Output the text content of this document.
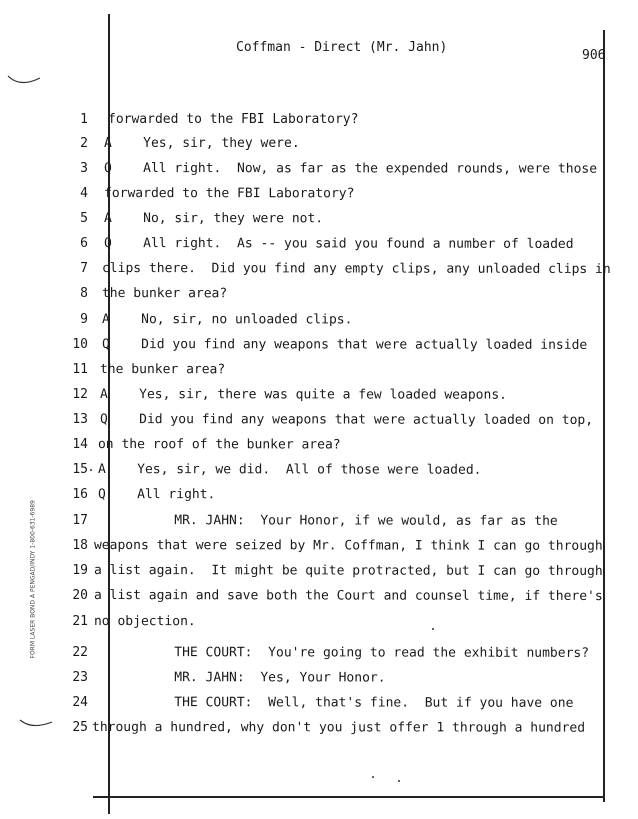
Coffman - Direct (Mr. Jahn)
906
FORM LASER BOND A PENGAD/INDY 1-800-631-6989
1 forwarded to the FBI Laboratory?
2 A    Yes, sir, they were.
3 Q    All right.  Now, as far as the expended rounds, were those
4 forwarded to the FBI Laboratory?
5 A    No, sir, they were not.
6 Q    All right.  As -- you said you found a number of loaded
7 clips there.  Did you find any empty clips, any unloaded clips in
8 the bunker area?
9 A    No, sir, no unloaded clips.
10 Q    Did you find any weapons that were actually loaded inside
11 the bunker area?
12 A    Yes, sir, there was quite a few loaded weapons.
13 Q    Did you find any weapons that were actually loaded on top,
14 on the roof of the bunker area?
15 A    Yes, sir, we did.  All of those were loaded.
16 Q    All right.
17 MR. JAHN:  Your Honor, if we would, as far as the
18 weapons that were seized by Mr. Coffman, I think I can go through
19 a list again.  It might be quite protracted, but I can go through
20 a list again and save both the Court and counsel time, if there's
21 no objection.
22 THE COURT:  You're going to read the exhibit numbers?
23 MR. JAHN:  Yes, Your Honor.
24 THE COURT:  Well, that's fine.  But if you have one
25 through a hundred, why don't you just offer 1 through a hundred
